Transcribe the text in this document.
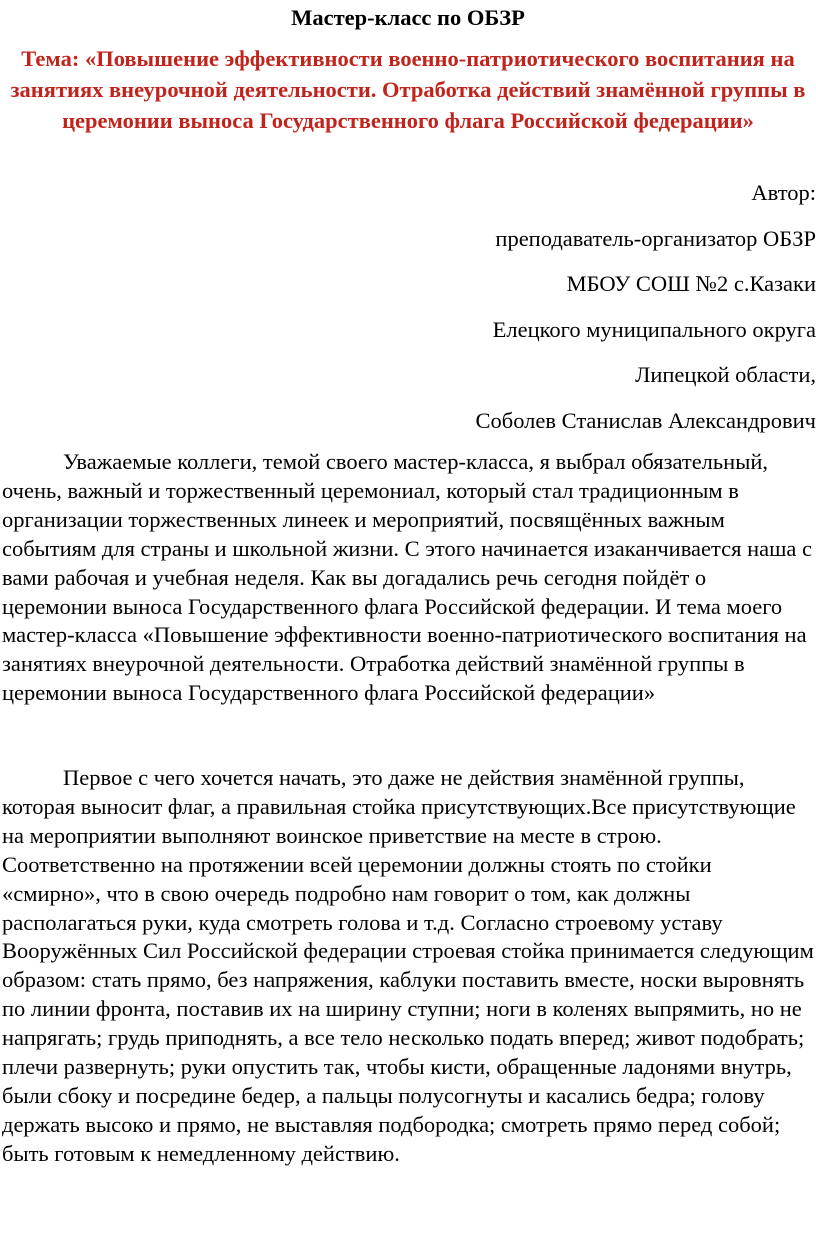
Мастер-класс по ОБЗР

Тема: «Повышение эффективности военно-патриотического воспитания на занятиях внеурочной деятельности. Отработка действий знамённой группы в церемонии выноса Государственного флага Российской федерации»

Автор:
преподаватель-организатор ОБЗР
МБОУ СОШ №2 с.Казаки
Елецкого муниципального округа
Липецкой области,
Соболев Станислав Александрович

Уважаемые коллеги, темой своего мастер-класса, я выбрал обязательный, очень, важный и торжественный церемониал, который стал традиционным в организации торжественных линеек и мероприятий, посвящённых важным событиям для страны и школьной жизни. С этого начинается изаканчивается наша с вами рабочая и учебная неделя. Как вы догадались речь сегодня пойдёт о церемонии выноса Государственного флага Российской федерации. И тема моего мастер-класса «Повышение эффективности военно-патриотического воспитания на занятиях внеурочной деятельности. Отработка действий знамённой группы в церемонии выноса Государственного флага Российской федерации»

Первое с чего хочется начать, это даже не действия знамённой группы, которая выносит флаг, а правильная стойка присутствующих.Все присутствующие на мероприятии выполняют воинское приветствие на месте в строю. Соответственно на протяжении всей церемонии должны стоять по стойки «смирно», что в свою очередь подробно нам говорит о том, как должны располагаться руки, куда смотреть голова и т.д. Согласно строевому уставу Вооружённых Сил Российской федерации строевая стойка принимается следующим образом: стать прямо, без напряжения, каблуки поставить вместе, носки выровнять по линии фронта, поставив их на ширину ступни; ноги в коленях выпрямить, но не напрягать; грудь приподнять, а все тело несколько подать вперед; живот подобрать; плечи развернуть; руки опустить так, чтобы кисти, обращенные ладонями внутрь, были сбоку и посредине бедер, а пальцы полусогнуты и касались бедра; голову держать высоко и прямо, не выставляя подбородка; смотреть прямо перед собой; быть готовым к немедленному действию.
